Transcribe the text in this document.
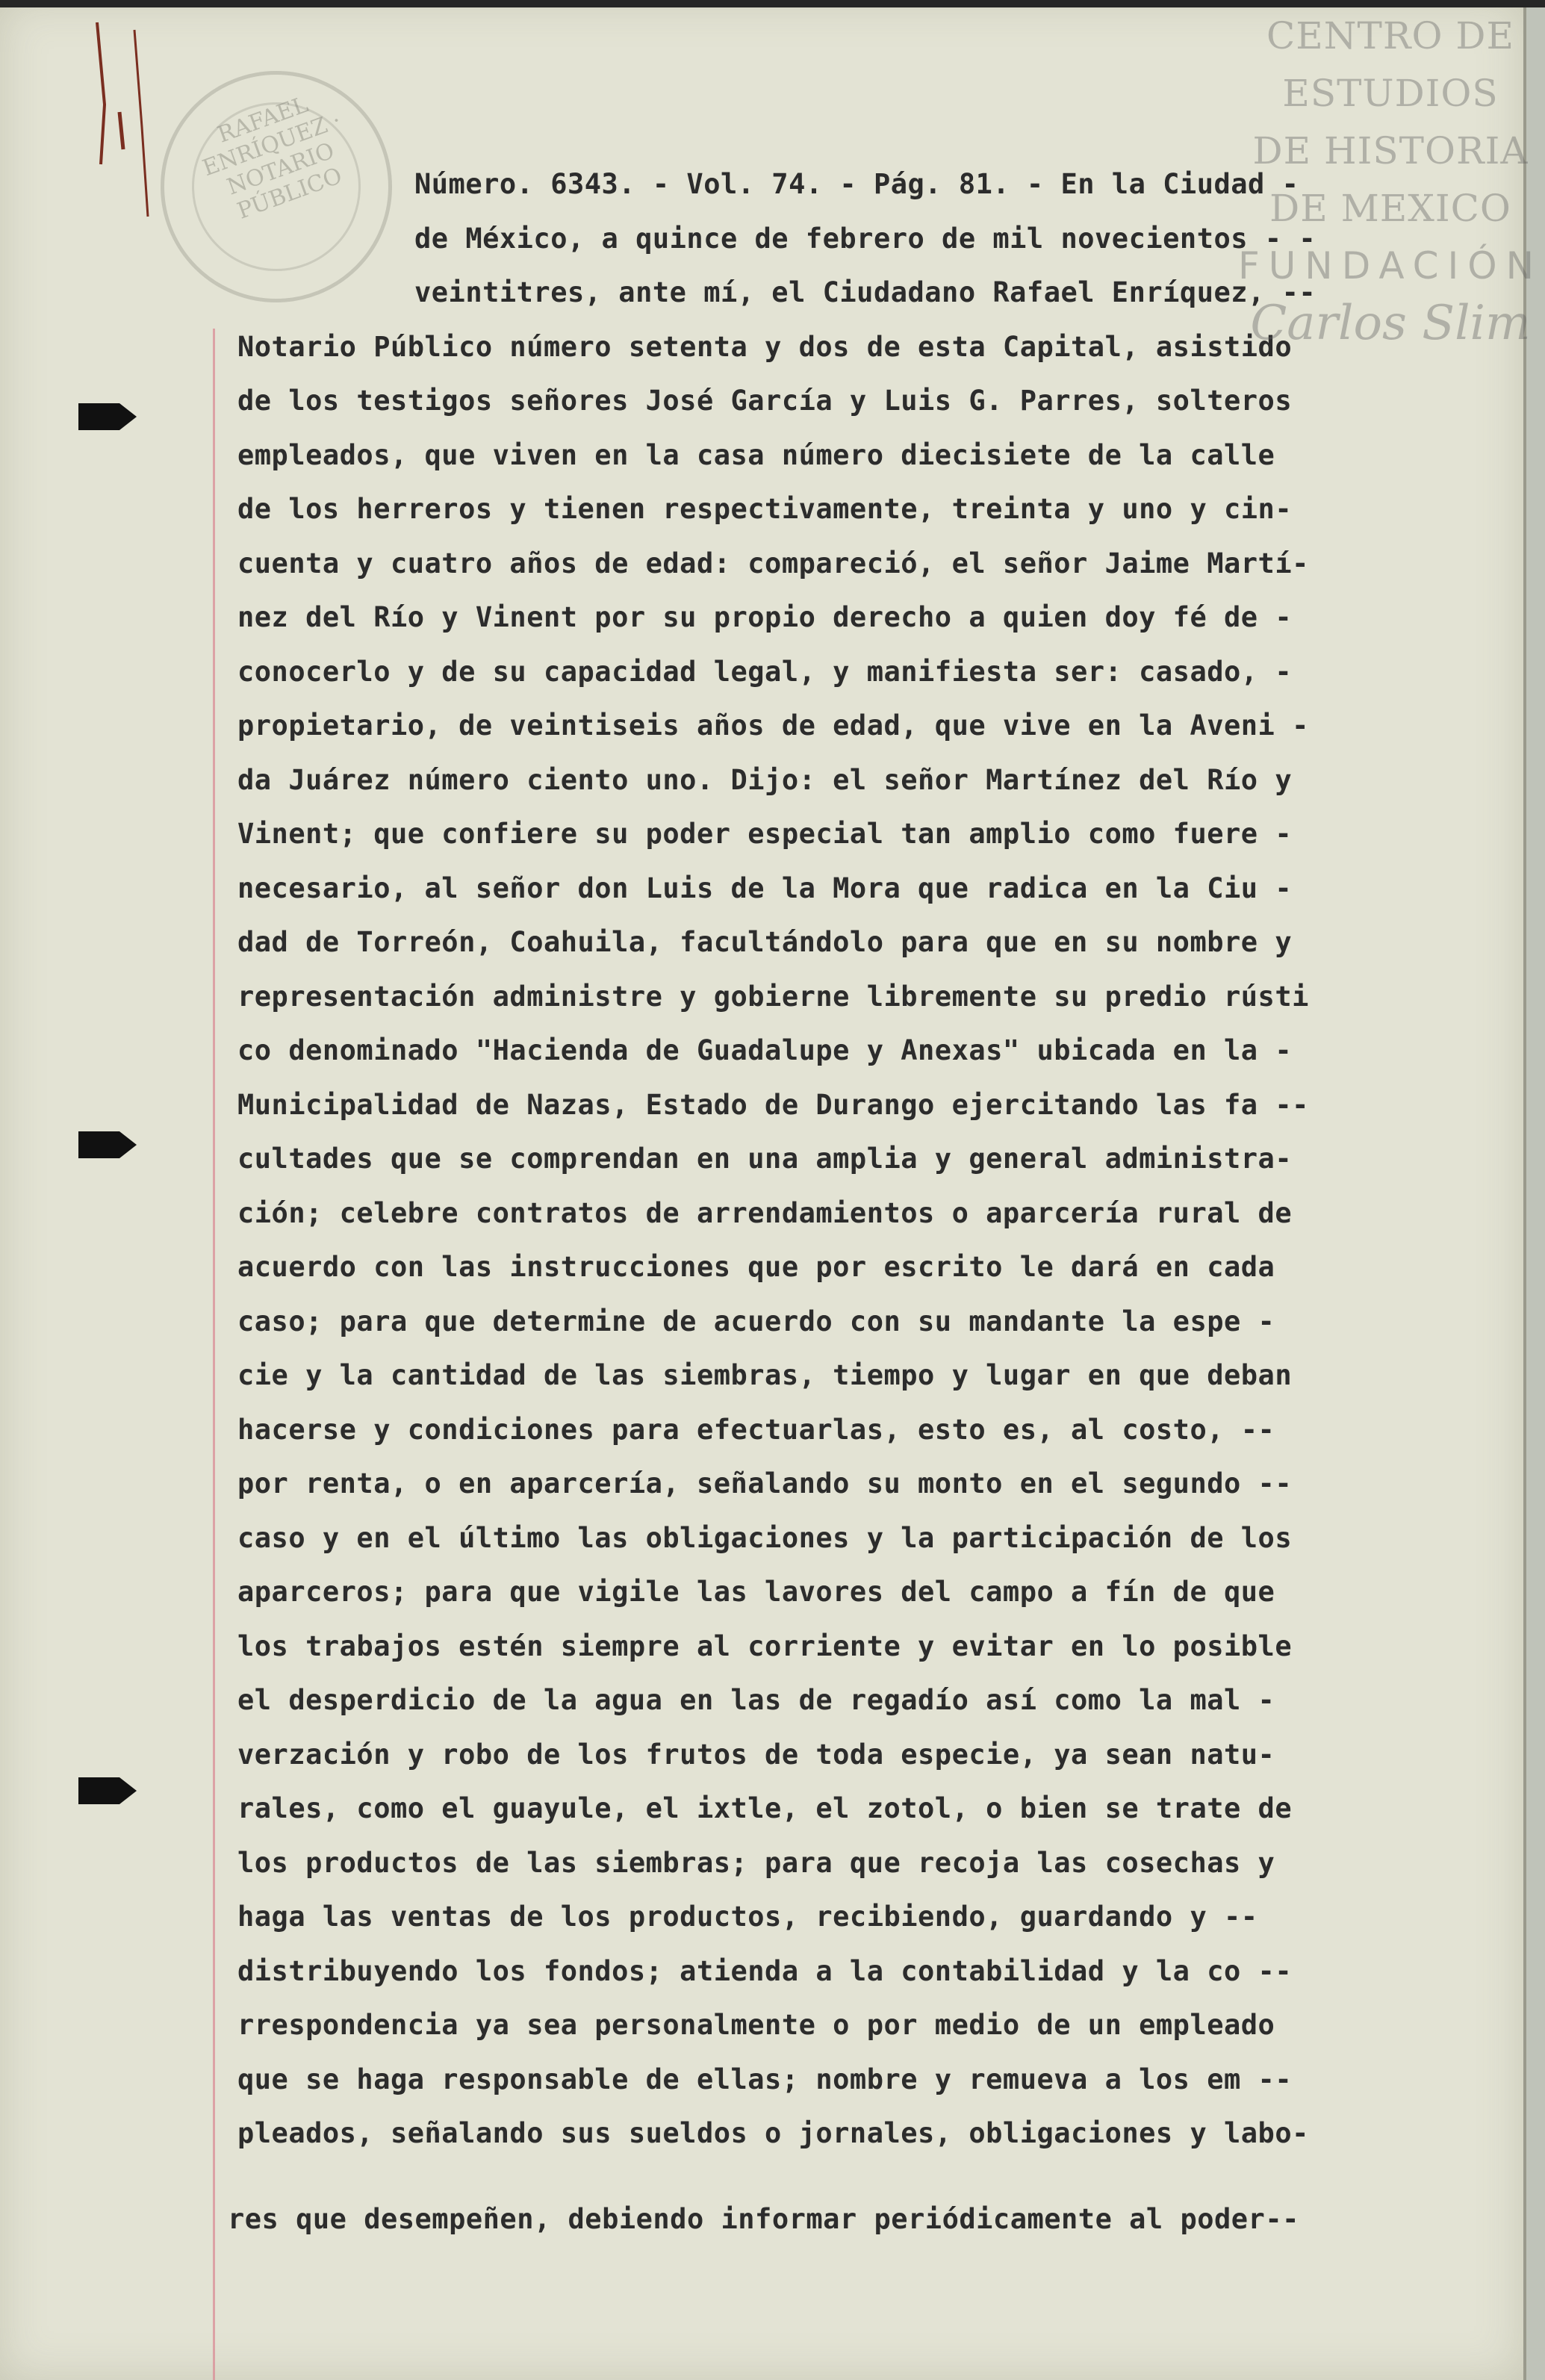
RAFAEL ENRÍQUEZ · NOTARIO PÚBLICO	Número. 6343. - Vol. 74. - Pág. 81. - En la Ciudad -
de México, a quince de febrero de mil novecientos - -
veintitres, ante mí, el Ciudadano Rafael Enríquez, --
Notario Público número setenta y dos de esta Capital, asistido
de los testigos señores José García y Luis G. Parres, solteros
empleados, que viven en la casa número diecisiete de la calle
de los herreros y tienen respectivamente, treinta y uno y cin-
cuenta y cuatro años de edad: compareció, el señor Jaime Martí-
nez del Río y Vinent por su propio derecho a quien doy fé de -
conocerlo y de su capacidad legal, y manifiesta ser: casado, -
propietario, de veintiseis años de edad, que vive en la Aveni -
da Juárez número ciento uno. Dijo: el señor Martínez del Río y
Vinent; que confiere su poder especial tan amplio como fuere -
necesario, al señor don Luis de la Mora que radica en la Ciu -
dad de Torreón, Coahuila, facultándolo para que en su nombre y
representación administre y gobierne libremente su predio rústi
co denominado "Hacienda de Guadalupe y Anexas" ubicada en la -
Municipalidad de Nazas, Estado de Durango ejercitando las fa --
cultades que se comprendan en una amplia y general administra-
ción; celebre contratos de arrendamientos o aparcería rural de
acuerdo con las instrucciones que por escrito le dará en cada
caso; para que determine de acuerdo con su mandante la espe -
cie y la cantidad de las siembras, tiempo y lugar en que deban
hacerse y condiciones para efectuarlas, esto es, al costo, --
por renta, o en aparcería, señalando su monto en el segundo --
caso y en el último las obligaciones y la participación de los
aparceros; para que vigile las lavores del campo a fín de que
los trabajos estén siempre al corriente y evitar en lo posible
el desperdicio de la agua en las de regadío así como la mal -
verzación y robo de los frutos de toda especie, ya sean natu-
rales, como el guayule, el ixtle, el zotol, o bien se trate de
los productos de las siembras; para que recoja las cosechas y
haga las ventas de los productos, recibiendo, guardando y --
distribuyendo los fondos; atienda a la contabilidad y la co --
rrespondencia ya sea personalmente o por medio de un empleado
que se haga responsable de ellas; nombre y remueva a los em --
pleados, señalando sus sueldos o jornales, obligaciones y labo-
res que desempeñen, debiendo informar periódicamente al poder--
CENTRO DE
ESTUDIOS
DE HISTORIA
DE MEXICO
FUNDACIÓN
Carlos Slim
